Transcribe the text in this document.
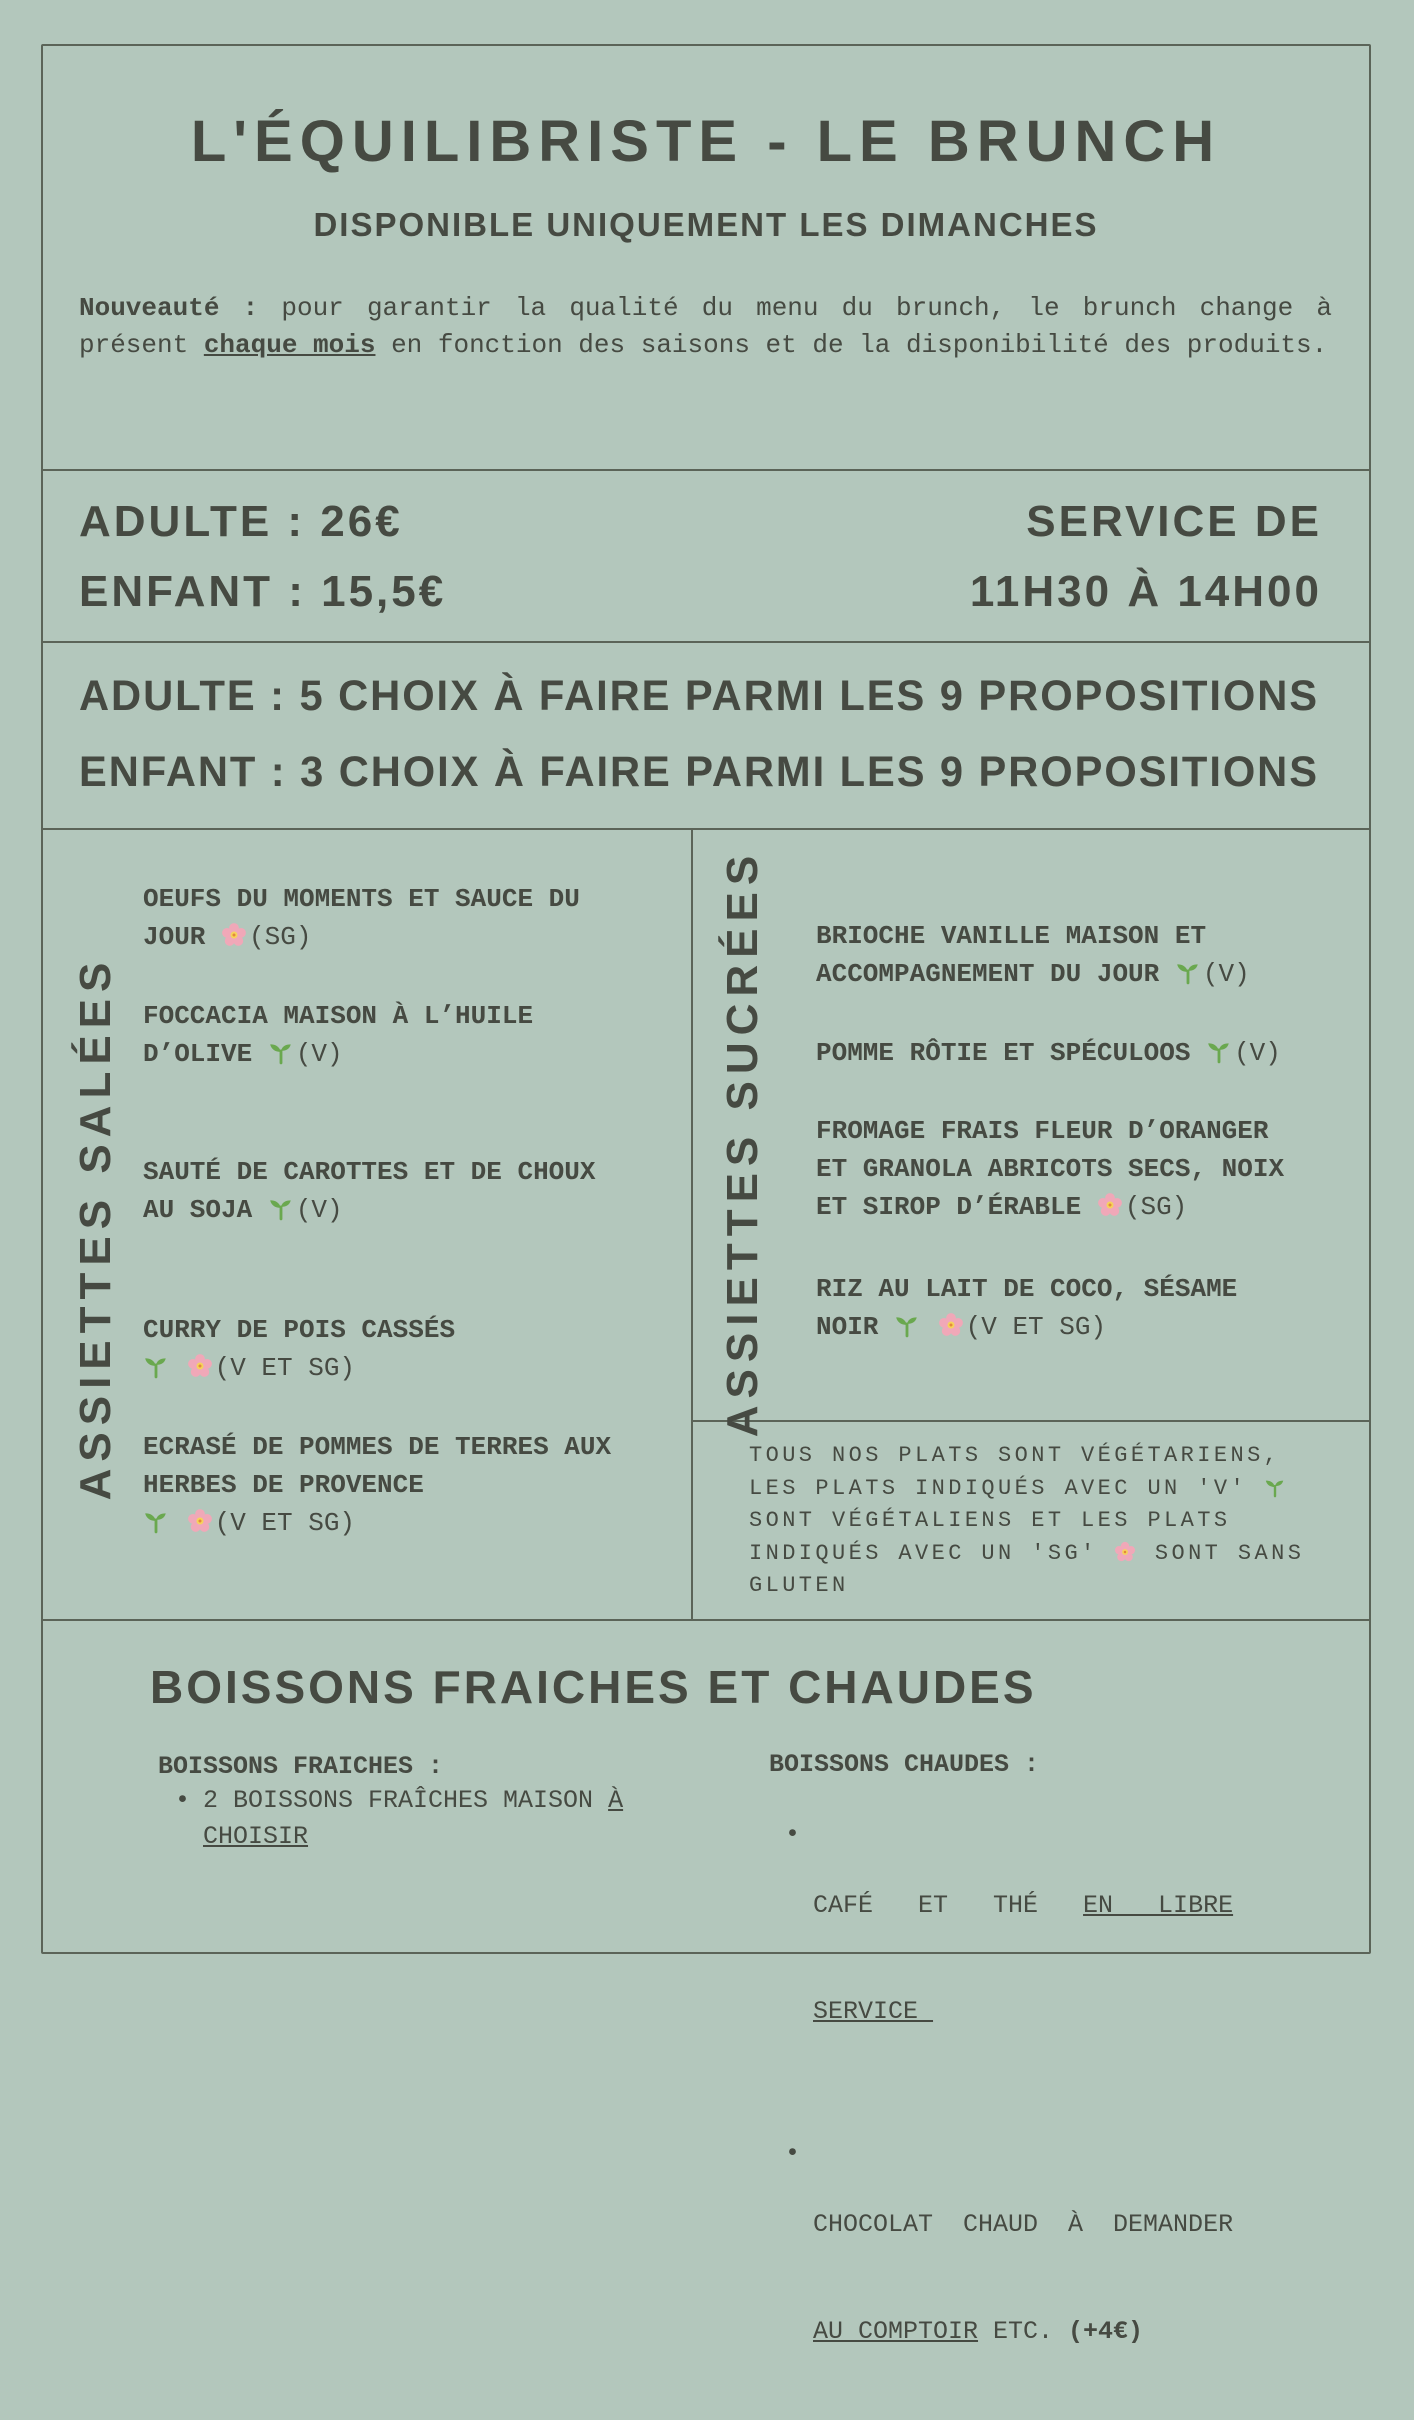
L'ÉQUILIBRISTE - LE BRUNCH
DISPONIBLE UNIQUEMENT LES DIMANCHES
Nouveauté : pour garantir la qualité du menu du brunch, le brunch change à présent chaque mois en fonction des saisons et de la disponibilité des produits.
ADULTE : 26€
ENFANT : 15,5€
SERVICE DE
11H30 À 14H00
ADULTE : 5 CHOIX À FAIRE PARMI LES 9 PROPOSITIONS
ENFANT : 3 CHOIX À FAIRE PARMI LES 9 PROPOSITIONS
ASSIETTES SALÉES
OEUFS DU MOMENTS ET SAUCE DU
JOUR (SG)
FOCCACIA MAISON À L’HUILE
D’OLIVE (V)
SAUTÉ DE CAROTTES ET DE CHOUX
AU SOJA (V)
CURRY DE POIS CASSÉS
(V ET SG)
ECRASÉ DE POMMES DE TERRES AUX
HERBES DE PROVENCE
(V ET SG)
ASSIETTES SUCRÉES BRIOCHE VANILLE MAISON ET
ACCOMPAGNEMENT DU JOUR (V)
POMME RÔTIE ET SPÉCULOOS (V)
FROMAGE FRAIS FLEUR D’ORANGER
ET GRANOLA ABRICOTS SECS, NOIX
ET SIROP D’ÉRABLE (SG)
RIZ AU LAIT DE COCO, SÉSAME
NOIR	(V ET SG)
TOUS NOS PLATS SONT VÉGÉTARIENS,
LES PLATS INDIQUÉS AVEC UN 'V'
SONT VÉGÉTALIENS ET LES PLATS
INDIQUÉS AVEC UN 'SG'	SONT SANS
GLUTEN
BOISSONS FRAICHES ET CHAUDES
BOISSONS FRAICHES :
• 2 BOISSONS FRAÎCHES MAISON À
CHOISIR
BOISSONS CHAUDES :

•

CAFÉ   ET   THÉ   EN   LIBRE

SERVICE

•

CHOCOLAT  CHAUD  À  DEMANDER

AU COMPTOIR ETC. (+4€)
